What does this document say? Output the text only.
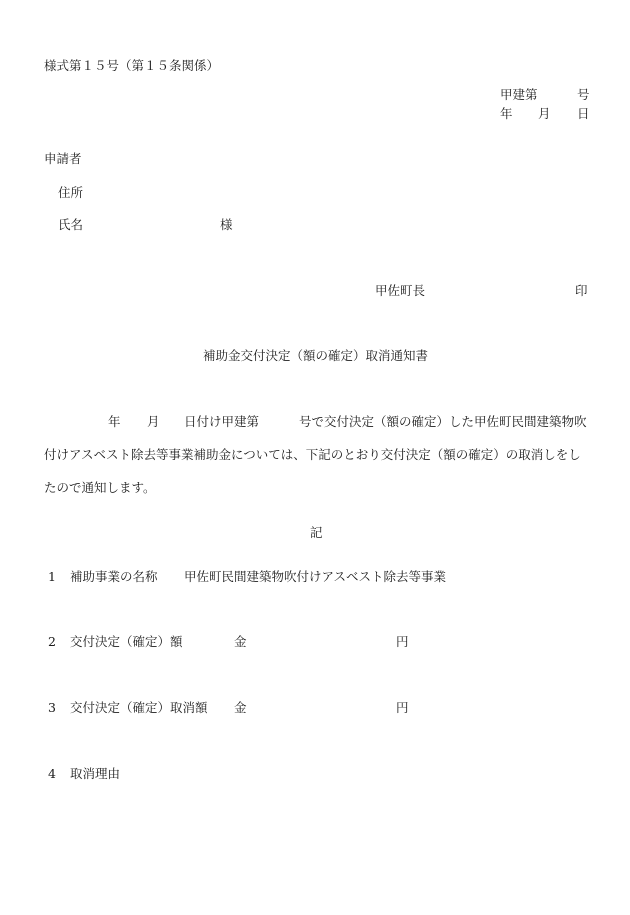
様式第１５号（第１５条関係）
甲建第	号
年 月 日
申請者
住所
氏名	様
甲佐町長	印
補助金交付決定（額の確定）取消通知書
年 月 日付け甲建第	号で交付決定（額の確定）した甲佐町民間建築物吹
付けアスベスト除去等事業補助金については、下記のとおり交付決定（額の確定）の取消しをし
たので通知します。
記
1 補助事業の名称 甲佐町民間建築物吹付けアスベスト除去等事業
2 交付決定（確定）額	金	円
3 交付決定（確定）取消額 金	円
4 取消理由
